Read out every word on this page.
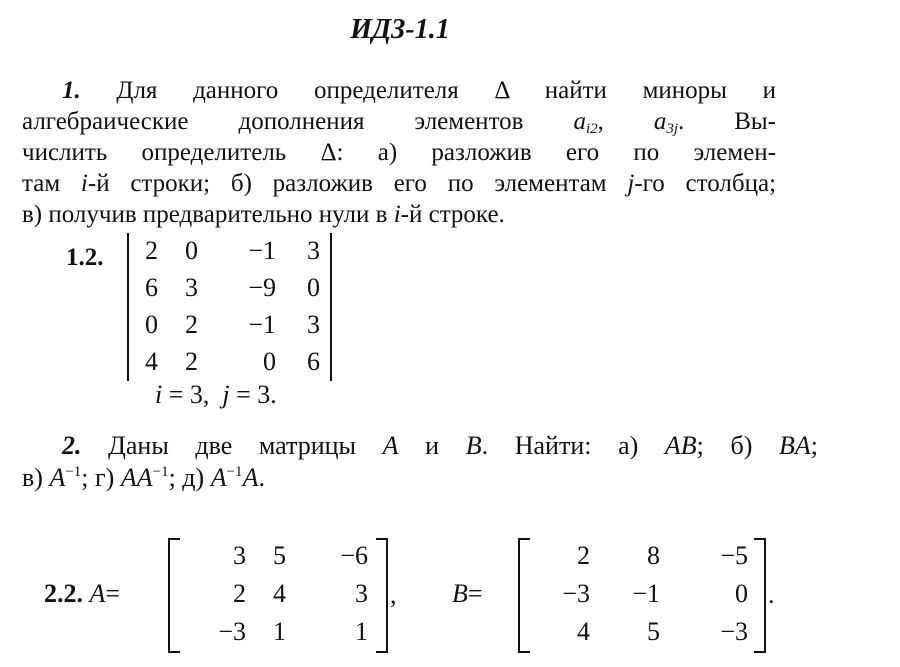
ИДЗ-1.1
1. Для данного определителя Δ найти миноры и
алгебраические дополнения элементов $a_{i2}$, $a_{3j}$. Вы-
числить определитель Δ: а) разложив его по элемен-
там i-й строки; б) разложив его по элементам j-го столбца;
в) получив предварительно нули в i-й строке.
1.2.	2	0	−1	3
6	3	−9	0
0	2	−1	3
4	2	0	6
2. Даны две матрицы A и B. Найти: а) AB; б) BA;
в) $A^{-1}$; г) $AA^{-1}$; д) $A^{-1}A$.
2.2. A=
3	5	−6
2	4	3
−3	1	1
, B=
2	8	−5
−3	−1	0
4	5	−3
.
i = 3,  j = 3.
